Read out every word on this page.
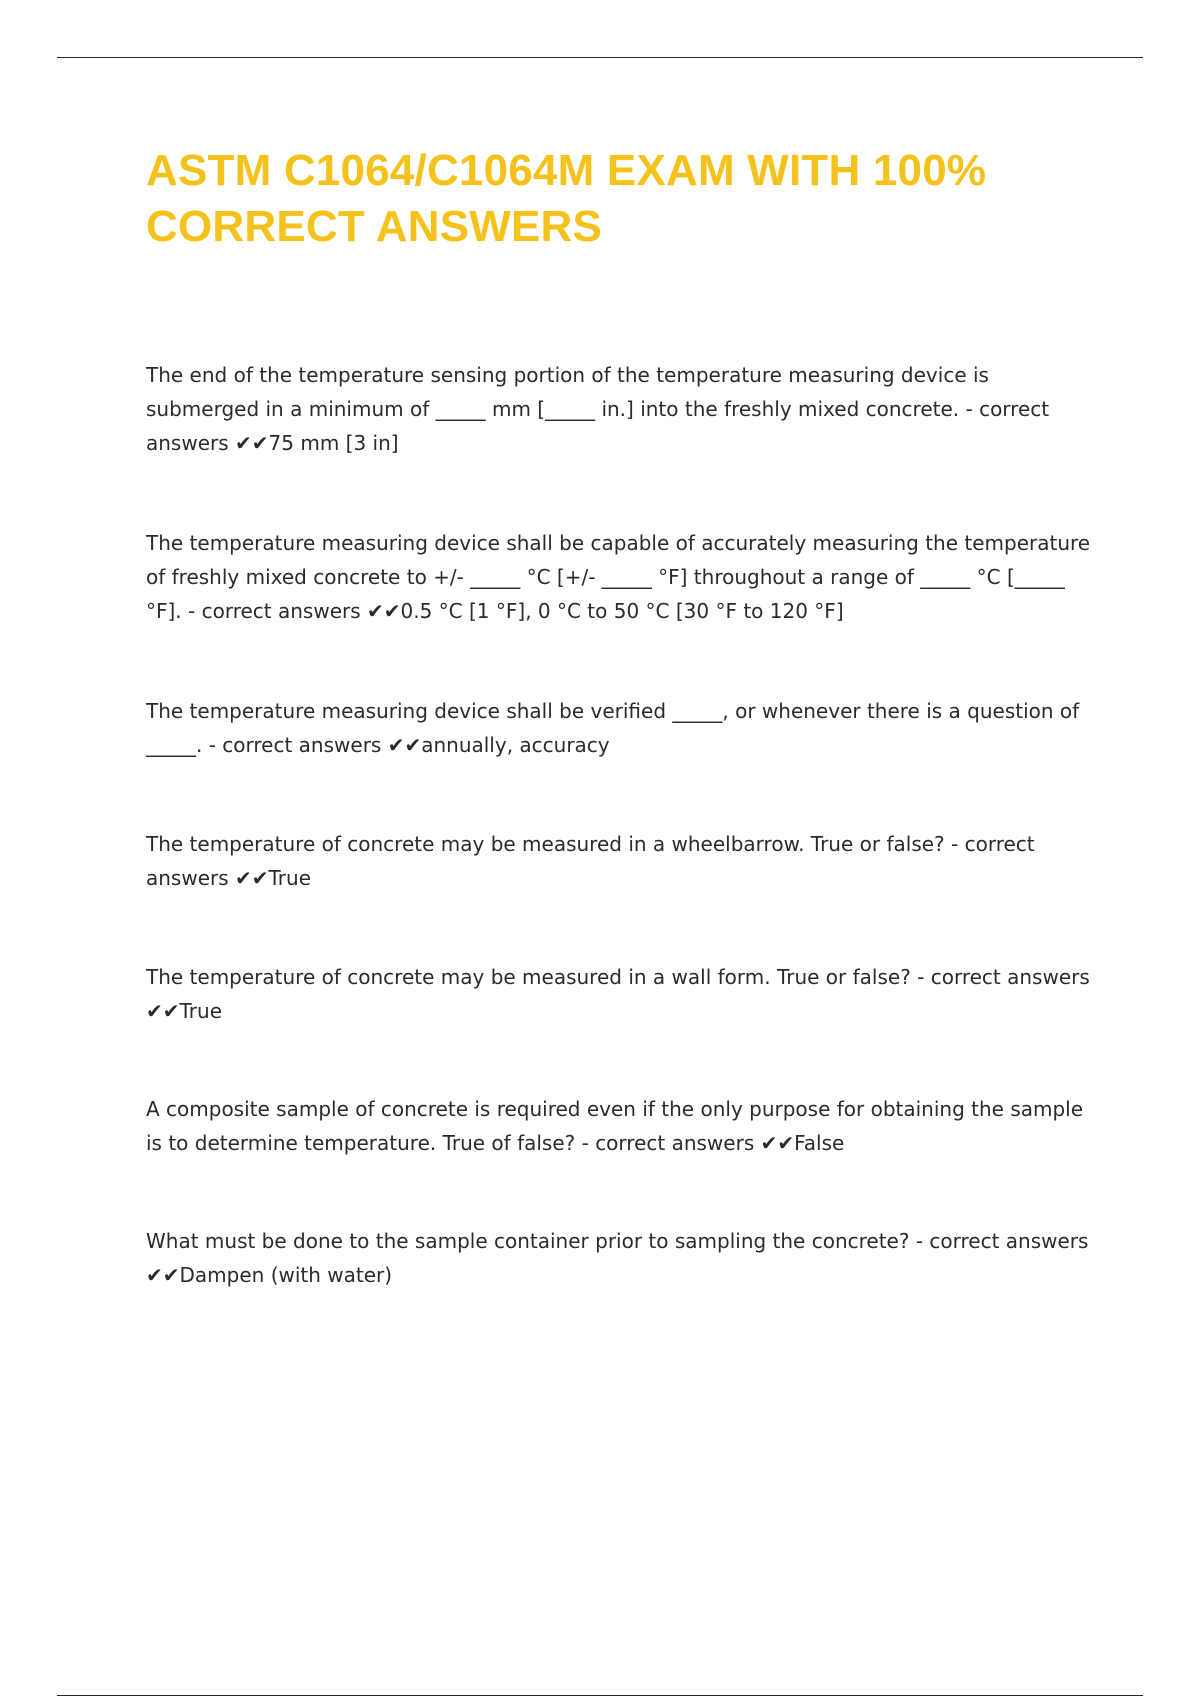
ASTM C1064/C1064M EXAM WITH 100% CORRECT ANSWERS

The end of the temperature sensing portion of the temperature measuring device is submerged in a minimum of _____ mm [_____ in.] into the freshly mixed concrete. - correct answers ✔✔75 mm [3 in]

The temperature measuring device shall be capable of accurately measuring the temperature of freshly mixed concrete to +/- _____ °C [+/- _____ °F] throughout a range of _____ °C [_____ °F]. - correct answers ✔✔0.5 °C [1 °F], 0 °C to 50 °C [30 °F to 120 °F]

The temperature measuring device shall be verified _____, or whenever there is a question of _____. - correct answers ✔✔annually, accuracy

The temperature of concrete may be measured in a wheelbarrow. True or false? - correct answers ✔✔True

The temperature of concrete may be measured in a wall form. True or false? - correct answers ✔✔True

A composite sample of concrete is required even if the only purpose for obtaining the sample is to determine temperature. True of false? - correct answers ✔✔False

What must be done to the sample container prior to sampling the concrete? - correct answers ✔✔Dampen (with water)
